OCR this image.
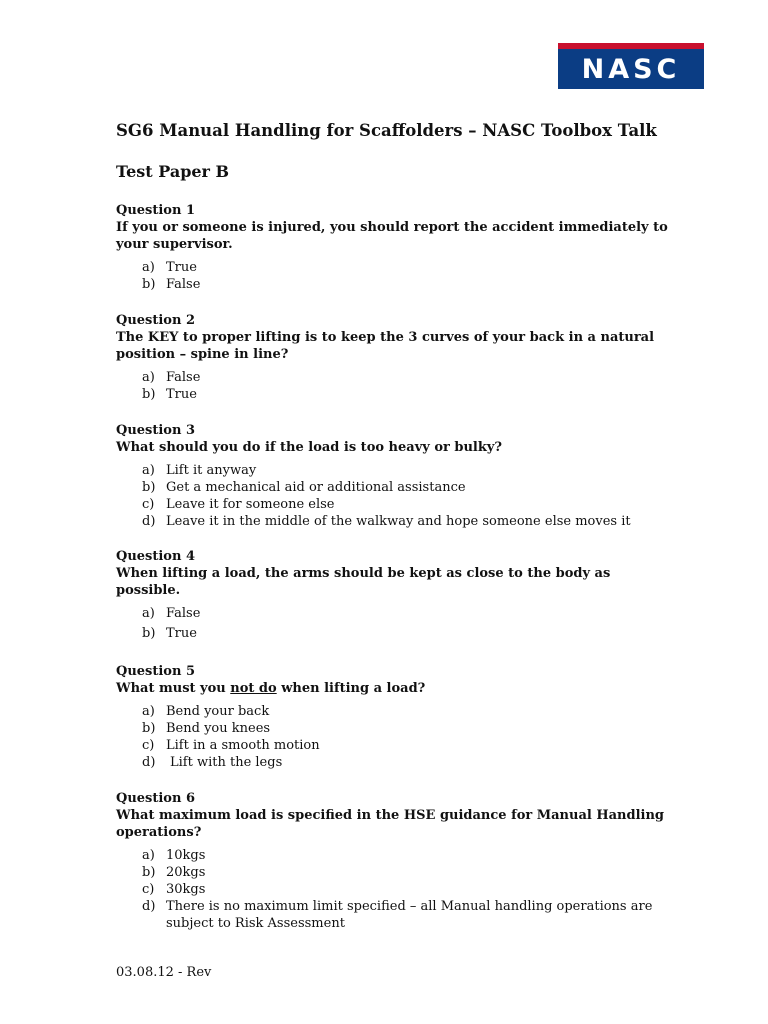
NASC
SG6 Manual Handling for Scaffolders – NASC Toolbox Talk
Test Paper B
Question 1
If you or someone is injured, you should report the accident immediately to your supervisor.
a) True
b) False
Question 2
The KEY to proper lifting is to keep the 3 curves of your back in a natural position – spine in line?
a) False
b) True
Question 3
What should you do if the load is too heavy or bulky?
a) Lift it anyway
b) Get a mechanical aid or additional assistance
c) Leave it for someone else
d) Leave it in the middle of the walkway and hope someone else moves it
Question 4
When lifting a load, the arms should be kept as close to the body as possible.
a) False
b) True
Question 5
What must you not do when lifting a load?
a) Bend your back
b) Bend you knees
c) Lift in a smooth motion
d)	Lift with the legs
Question 6
What maximum load is specified in the HSE guidance for Manual Handling operations?
a) 10kgs
b) 20kgs
c) 30kgs
d) There is no maximum limit specified – all Manual handling operations are subject to Risk Assessment
03.08.12 - Rev
